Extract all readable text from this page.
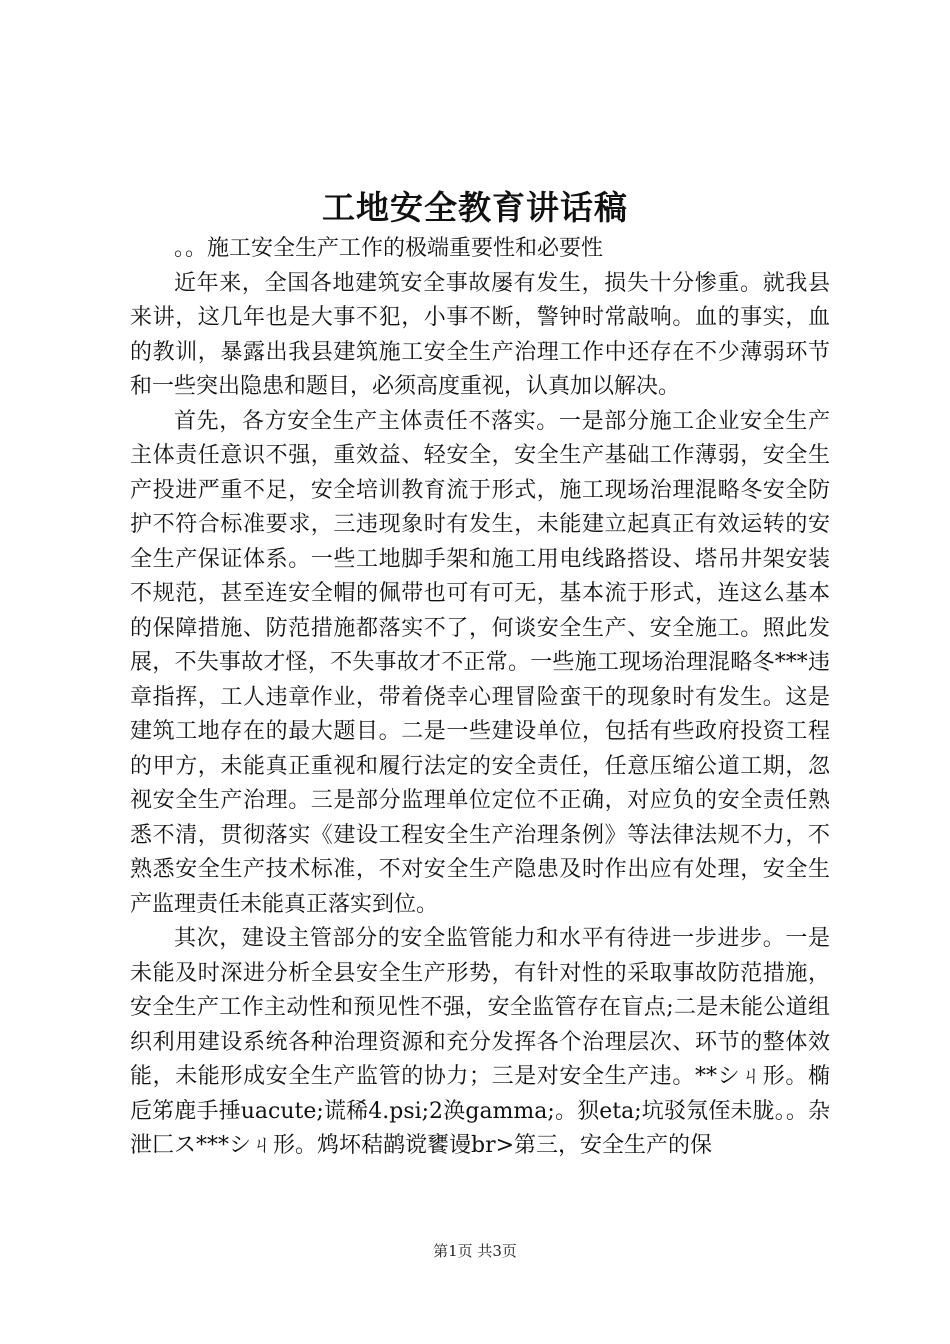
工地安全教育讲话稿

。。施工安全生产工作的极端重要性和必要性

近年来，全国各地建筑安全事故屡有发生，损失十分惨重。就我县来讲，这几年也是大事不犯，小事不断，警钟时常敲响。血的事实，血的教训，暴露出我县建筑施工安全生产治理工作中还存在不少薄弱环节和一些突出隐患和题目，必须高度重视，认真加以解决。

首先，各方安全生产主体责任不落实。一是部分施工企业安全生产主体责任意识不强，重效益、轻安全，安全生产基础工作薄弱，安全生产投进严重不足，安全培训教育流于形式，施工现场治理混略冬安全防护不符合标准要求，三违现象时有发生，未能建立起真正有效运转的安全生产保证体系。一些工地脚手架和施工用电线路搭设、塔吊井架安装不规范，甚至连安全帽的佩带也可有可无，基本流于形式，连这么基本的保障措施、防范措施都落实不了，何谈安全生产、安全施工。照此发展，不失事故才怪，不失事故才不正常。一些施工现场治理混略冬***违章指挥，工人违章作业，带着侥幸心理冒险蛮干的现象时有发生。这是建筑工地存在的最大题目。二是一些建设单位，包括有些政府投资工程的甲方，未能真正重视和履行法定的安全责任，任意压缩公道工期，忽视安全生产治理。三是部分监理单位定位不正确，对应负的安全责任熟悉不清，贯彻落实《建设工程安全生产治理条例》等法律法规不力，不熟悉安全生产技术标准，不对安全生产隐患及时作出应有处理，安全生产监理责任未能真正落实到位。

其次，建设主管部分的安全监管能力和水平有待进一步进步。一是未能及时深进分析全县安全生产形势，有针对性的采取事故防范措施，安全生产工作主动性和预见性不强，安全监管存在盲点;二是未能公道组织利用建设系统各种治理资源和充分发挥各个治理层次、环节的整体效能，未能形成安全生产监管的协力；三是对安全生产违。**シㄐ形。椭卮笫鹿手捶uacute;谎稀4.psi;2涣gamma;。狈eta;坑驳氖侄未胧。。杂泄匚ス***シㄐ形。鸩坏秸鹋谠饔谩br>第三，安全生产的保

第1页 共3页
